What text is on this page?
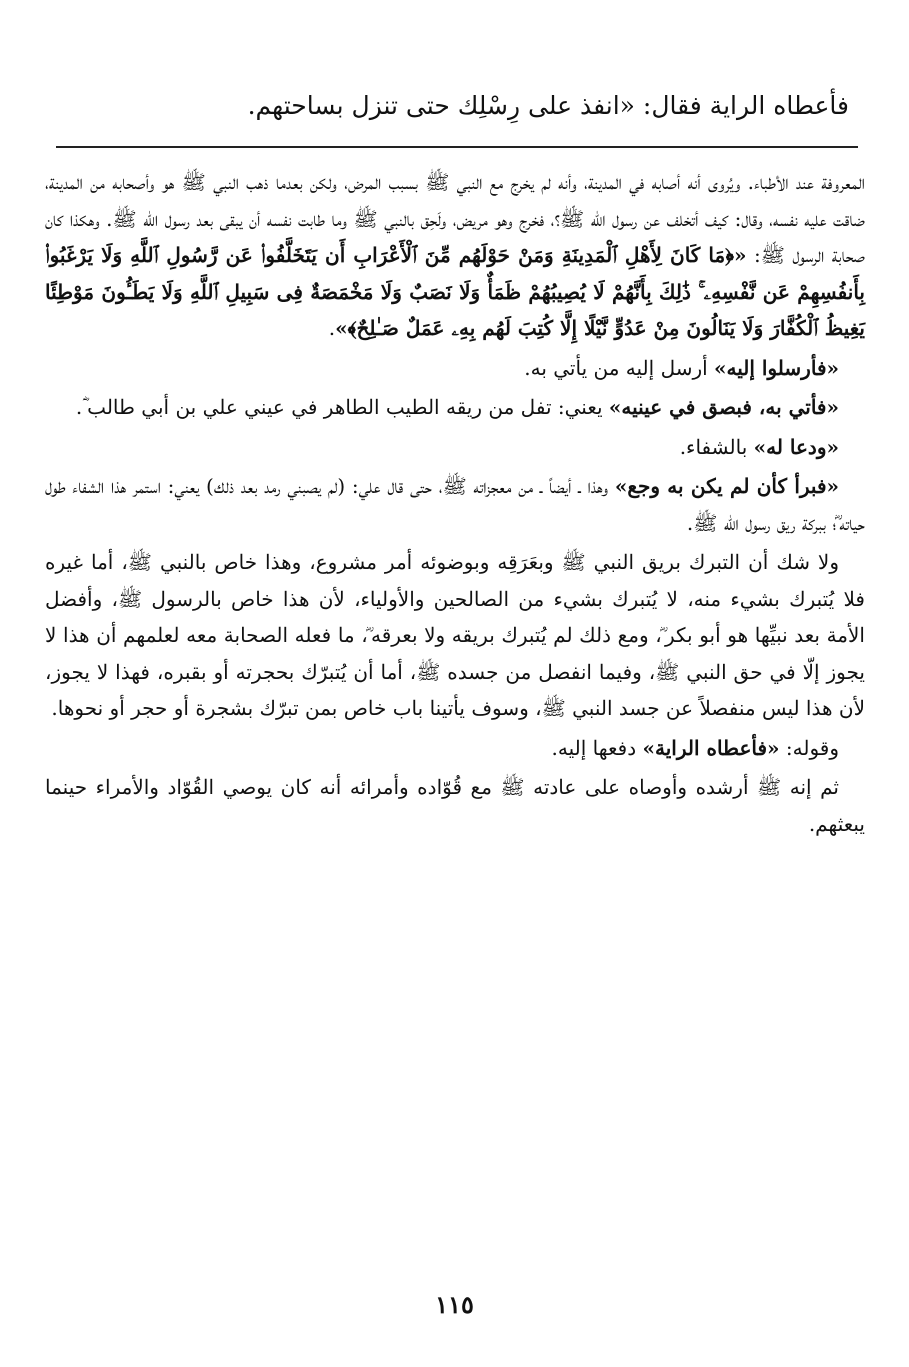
فأعطاه الراية فقال: «انفذ على رِسْلِك حتى تنزل بساحتهم.

المعروفة عند الأطباء. ويُروى أنه أصابه في المدينة، وأنه لم يخرج مع النبي ﷺ بسبب المرض، ولكن بعدما ذهب النبي ﷺ هو وأصحابه من المدينة، ضاقت عليه نفسه، وقال: كيف أتخلف عن رسول الله ﷺ؟، فخرج وهو مريض، ولَحِق بالنبي ﷺ وما طابت نفسه أن يبقى بعد رسول الله ﷺ. وهكذا كان صحابة الرسول ﷺ: «﴿مَا كَانَ لِأَهْلِ ٱلْمَدِينَةِ وَمَنْ حَوْلَهُم مِّنَ ٱلْأَعْرَابِ أَن يَتَخَلَّفُوا۟ عَن رَّسُولِ ٱللَّهِ وَلَا يَرْغَبُوا۟ بِأَنفُسِهِمْ عَن نَّفْسِهِۦ ۚ ذَٰلِكَ بِأَنَّهُمْ لَا يُصِيبُهُمْ ظَمَأٌ وَلَا نَصَبٌ وَلَا مَخْمَصَةٌ فِى سَبِيلِ ٱللَّهِ وَلَا يَطَـُٔونَ مَوْطِئًا يَغِيظُ ٱلْكُفَّارَ وَلَا يَنَالُونَ مِنْ عَدُوٍّ نَّيْلًا إِلَّا كُتِبَ لَهُم بِهِۦ عَمَلٌ صَـٰلِحٌ﴾».

«فأرسلوا إليه» أرسل إليه من يأتي به.

«فأتي به، فبصق في عينيه» يعني: تفل من ريقه الطيب الطاهر في عيني علي بن أبي طالب ؓ.

«ودعا له» بالشفاء.

«فبرأ كأن لم يكن به وجع» وهذا ـ أيضاً ـ من معجزاته ﷺ، حتى قال علي: (لم يصبني رمد بعد ذلك) يعني: استمر هذا الشفاء طول حياته ؓ؛ ببركة ريق رسول الله ﷺ.

ولا شك أن التبرك بريق النبي ﷺ وبعَرَقِه وبوضوئه أمر مشروع، وهذا خاص بالنبي ﷺ، أما غيره فلا يُتبرك بشيء منه، لا يُتبرك بشيء من الصالحين والأولياء، لأن هذا خاص بالرسول ﷺ، وأفضل الأمة بعد نبيِّها هو أبو بكر ؓ، ومع ذلك لم يُتبرك بريقه ولا بعرقه ؓ، ما فعله الصحابة معه لعلمهم أن هذا لا يجوز إلّا في حق النبي ﷺ، وفيما انفصل من جسده ﷺ، أما أن يُتبرّك بحجرته أو بقبره، فهذا لا يجوز، لأن هذا ليس منفصلاً عن جسد النبي ﷺ، وسوف يأتينا باب خاص بمن تبرّك بشجرة أو حجر أو نحوها.

وقوله: «فأعطاه الراية» دفعها إليه.

ثم إنه ﷺ أرشده وأوصاه على عادته ﷺ مع قُوّاده وأمرائه أنه كان يوصي القُوّاد والأمراء حينما يبعثهم.

١١٥
